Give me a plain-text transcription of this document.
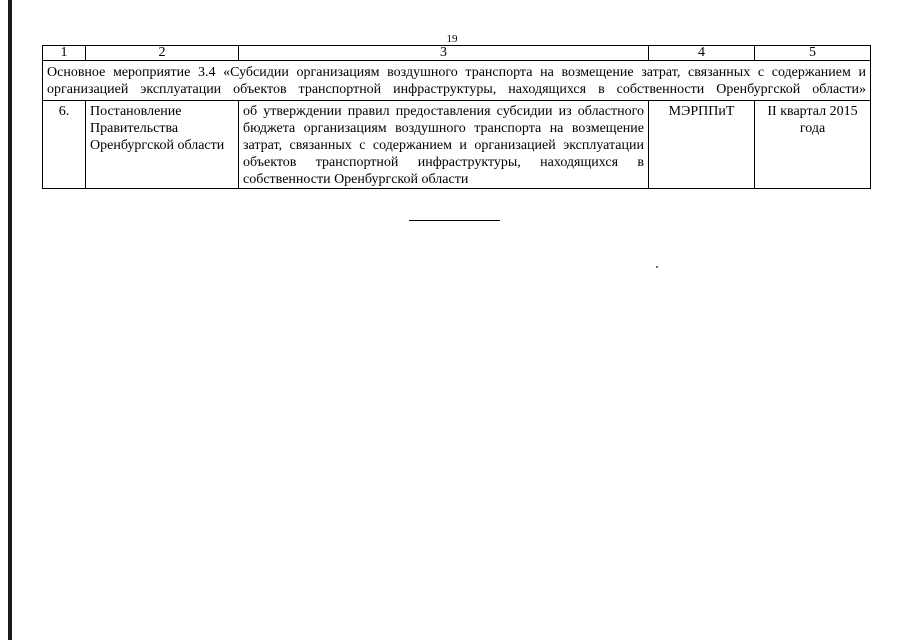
19
1	2	3	4	5
Основное мероприятие 3.4 «Субсидии организациям воздушного транспорта на возмещение затрат, связанных с содержанием и организацией эксплуатации объектов транспортной инфраструктуры, находящихся в собственности Оренбургской области»				
6.	Постановление Правительства Оренбургской области	об утверждении правил предоставления субсидии из областного бюджета организациям воздушного транспорта на возмещение затрат, связанных с содержанием и организацией эксплуатации объектов транспортной инфраструктуры, находящихся в собственности Оренбургской области	МЭРППиТ	II квартал 2015 года
